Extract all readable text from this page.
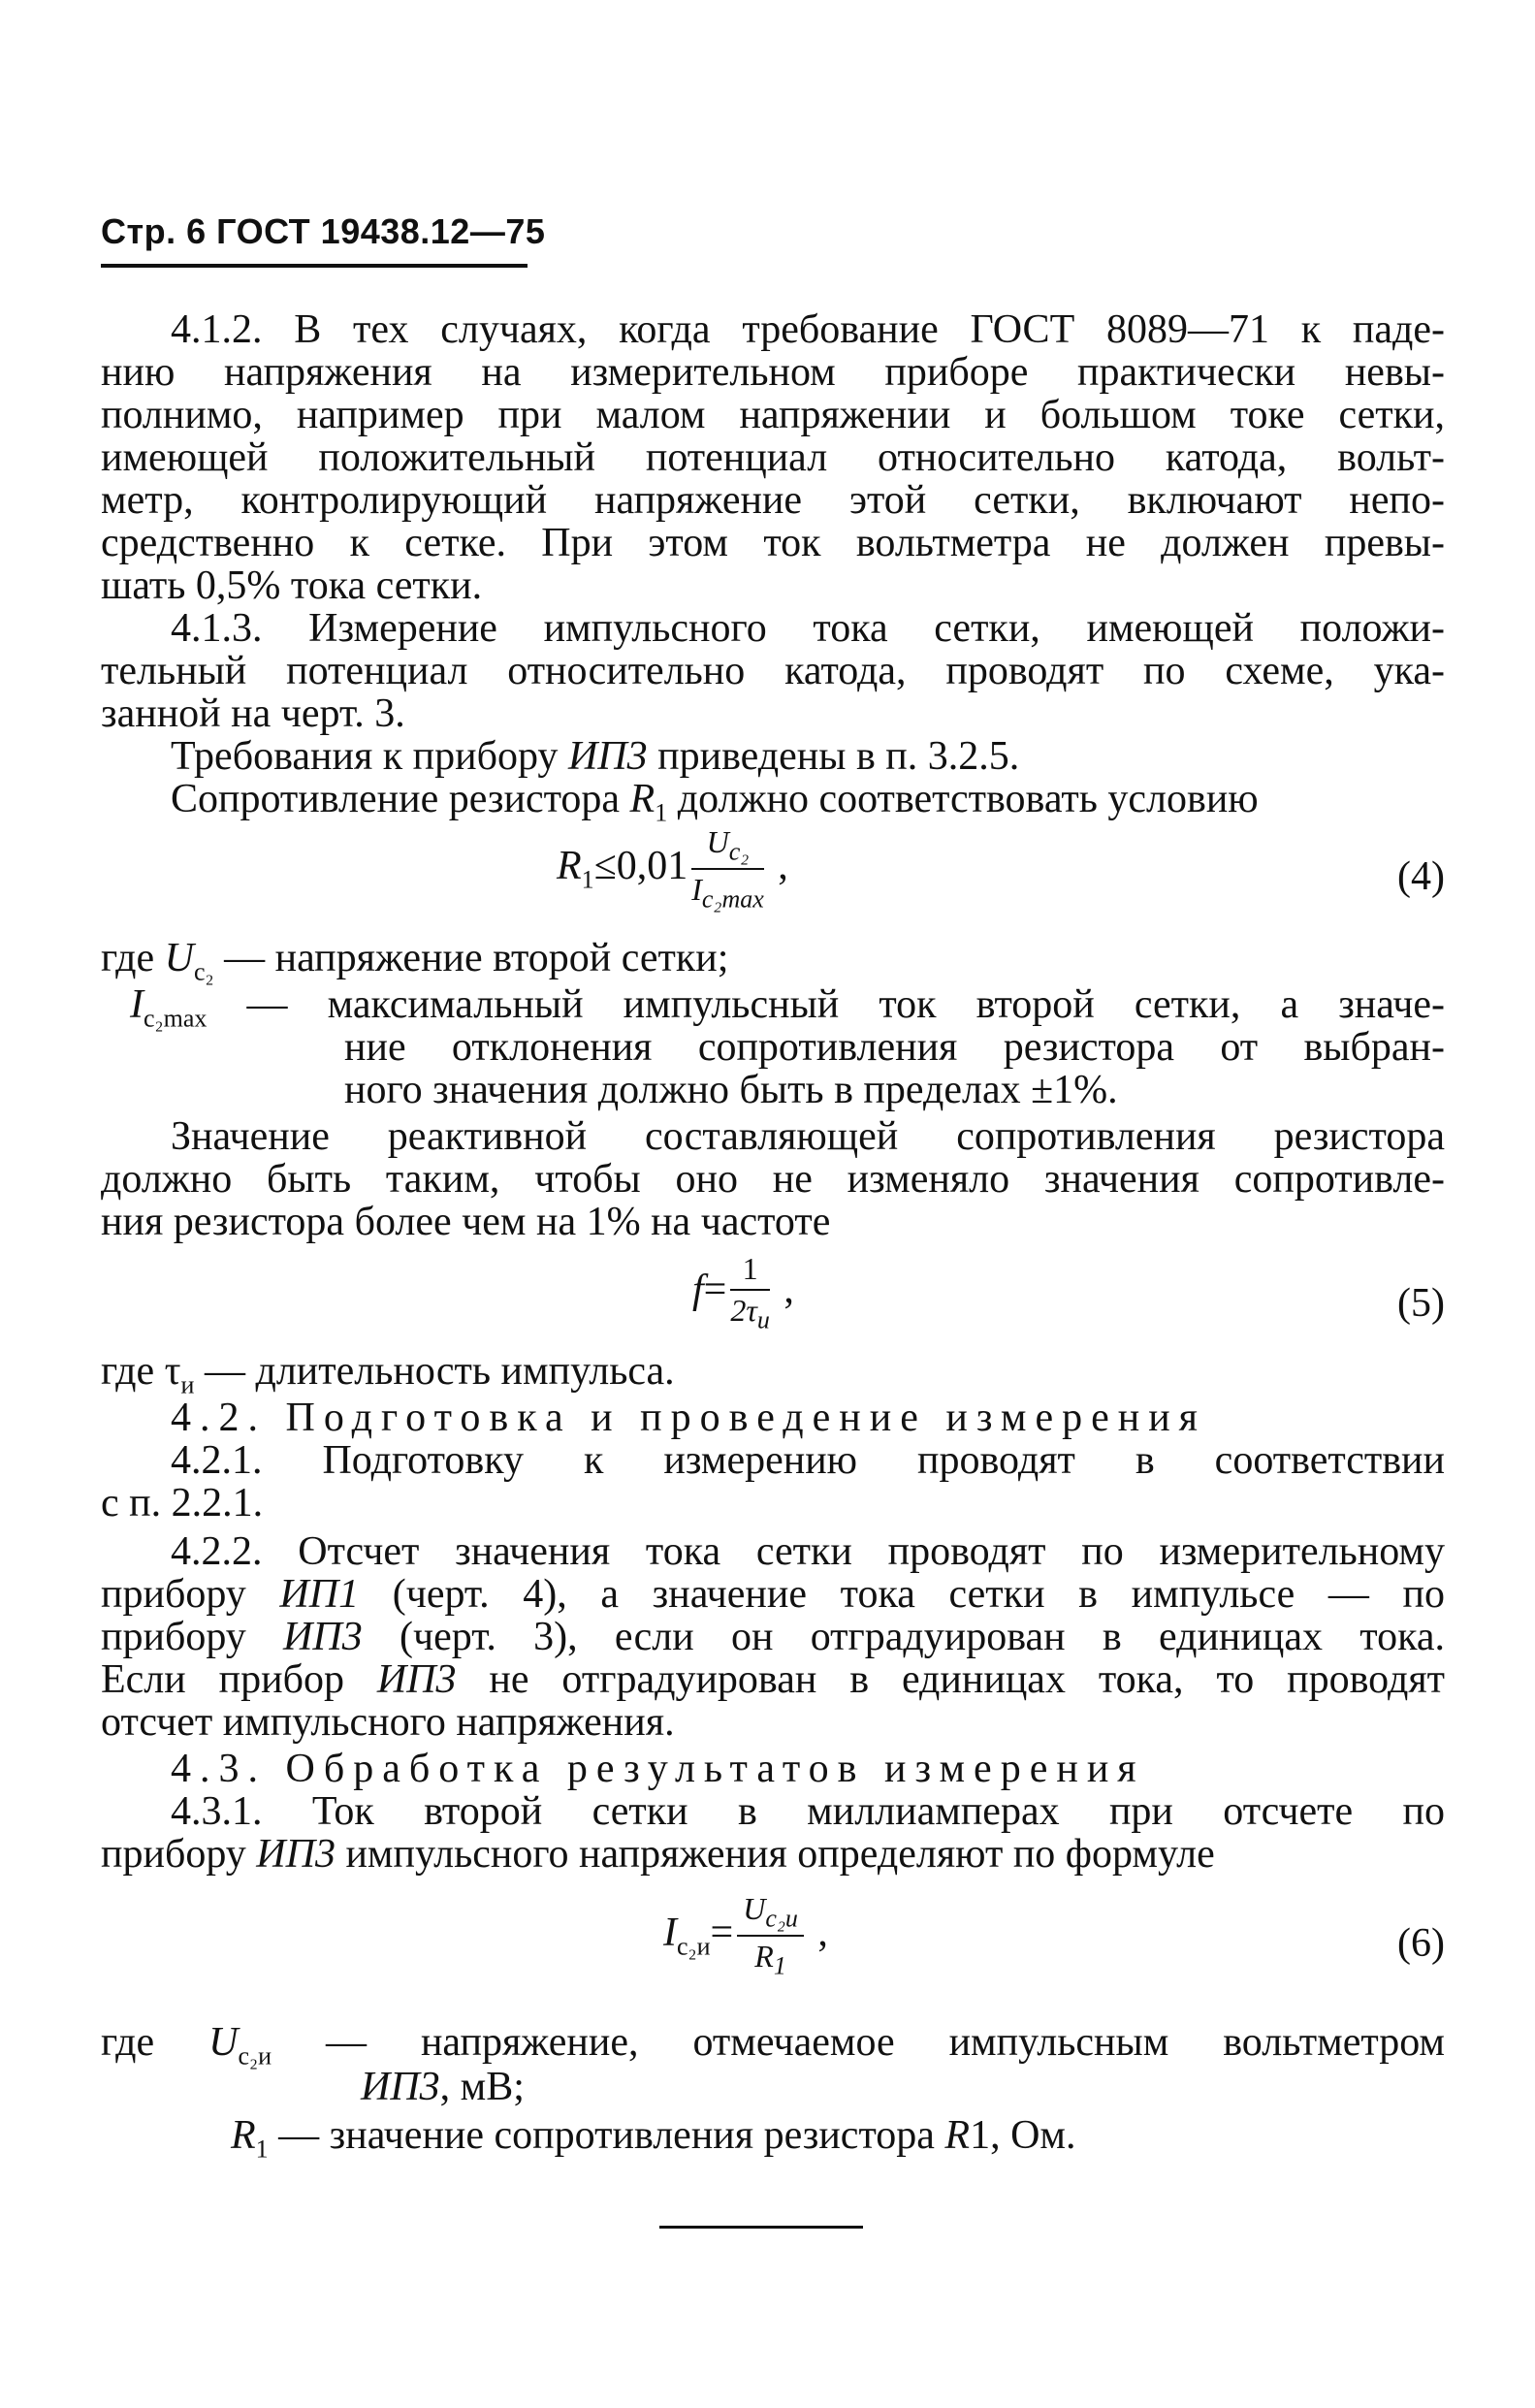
Стр. 6 ГОСТ 19438.12—75
4.1.2. В тех случаях, когда требование ГОСТ 8089—71 к паде-
нию напряжения на измерительном приборе практически невы-
полнимо, например при малом напряжении и большом токе сетки,
имеющей положительный потенциал относительно катода, вольт-
метр, контролирующий напряжение этой сетки, включают непо-
средственно к сетке. При этом ток вольтметра не должен превы-
шать 0,5% тока сетки.
4.1.3. Измерение импульсного тока сетки, имеющей положи-
тельный потенциал относительно катода, проводят по схеме, ука-
занной на черт. 3.
Требования к прибору ИП3 приведены в п. 3.2.5.
Сопротивление резистора $R_1$ должно соответствовать условию
$R_1\le 0,01 \frac{U_{c_2}}{I_{c_2max}}$ ,	(4)
где $U_{c_2}$ — напряжение второй сетки;
$I_{c_2max}$ — максимальный импульсный ток второй сетки, а значе-
ние отклонения сопротивления резистора от выбран-
ного значения должно быть в пределах ±1%.
Значение реактивной составляющей сопротивления резистора
должно быть таким, чтобы оно не изменяло значения сопротивле-
ния резистора более чем на 1% на частоте
$f= \frac{1}{2\tau_и}$ ,	(5)
где $\tau_и$ — длительность импульса.
4.2. Подготовка и проведение измерения
4.2.1. Подготовку к измерению проводят в соответствии
с п. 2.2.1.
4.2.2. Отсчет значения тока сетки проводят по измерительному
прибору ИП1 (черт. 4), а значение тока сетки в импульсе — по
прибору ИП3 (черт. 3), если он отградуирован в единицах тока.
Если прибор ИП3 не отградуирован в единицах тока, то проводят
отсчет импульсного напряжения.
4.3. Обработка результатов измерения
4.3.1. Ток второй сетки в миллиамперах при отсчете по
прибору ИП3 импульсного напряжения определяют по формуле
$I_{c_2и}= \frac{U_{c_2и}}{R_1}$ ,	(6)
где $U_{c_2и}$ — напряжение, отмечаемое импульсным вольтметром
ИП3, мВ;
$R_1$ — значение сопротивления резистора R1, Ом.
